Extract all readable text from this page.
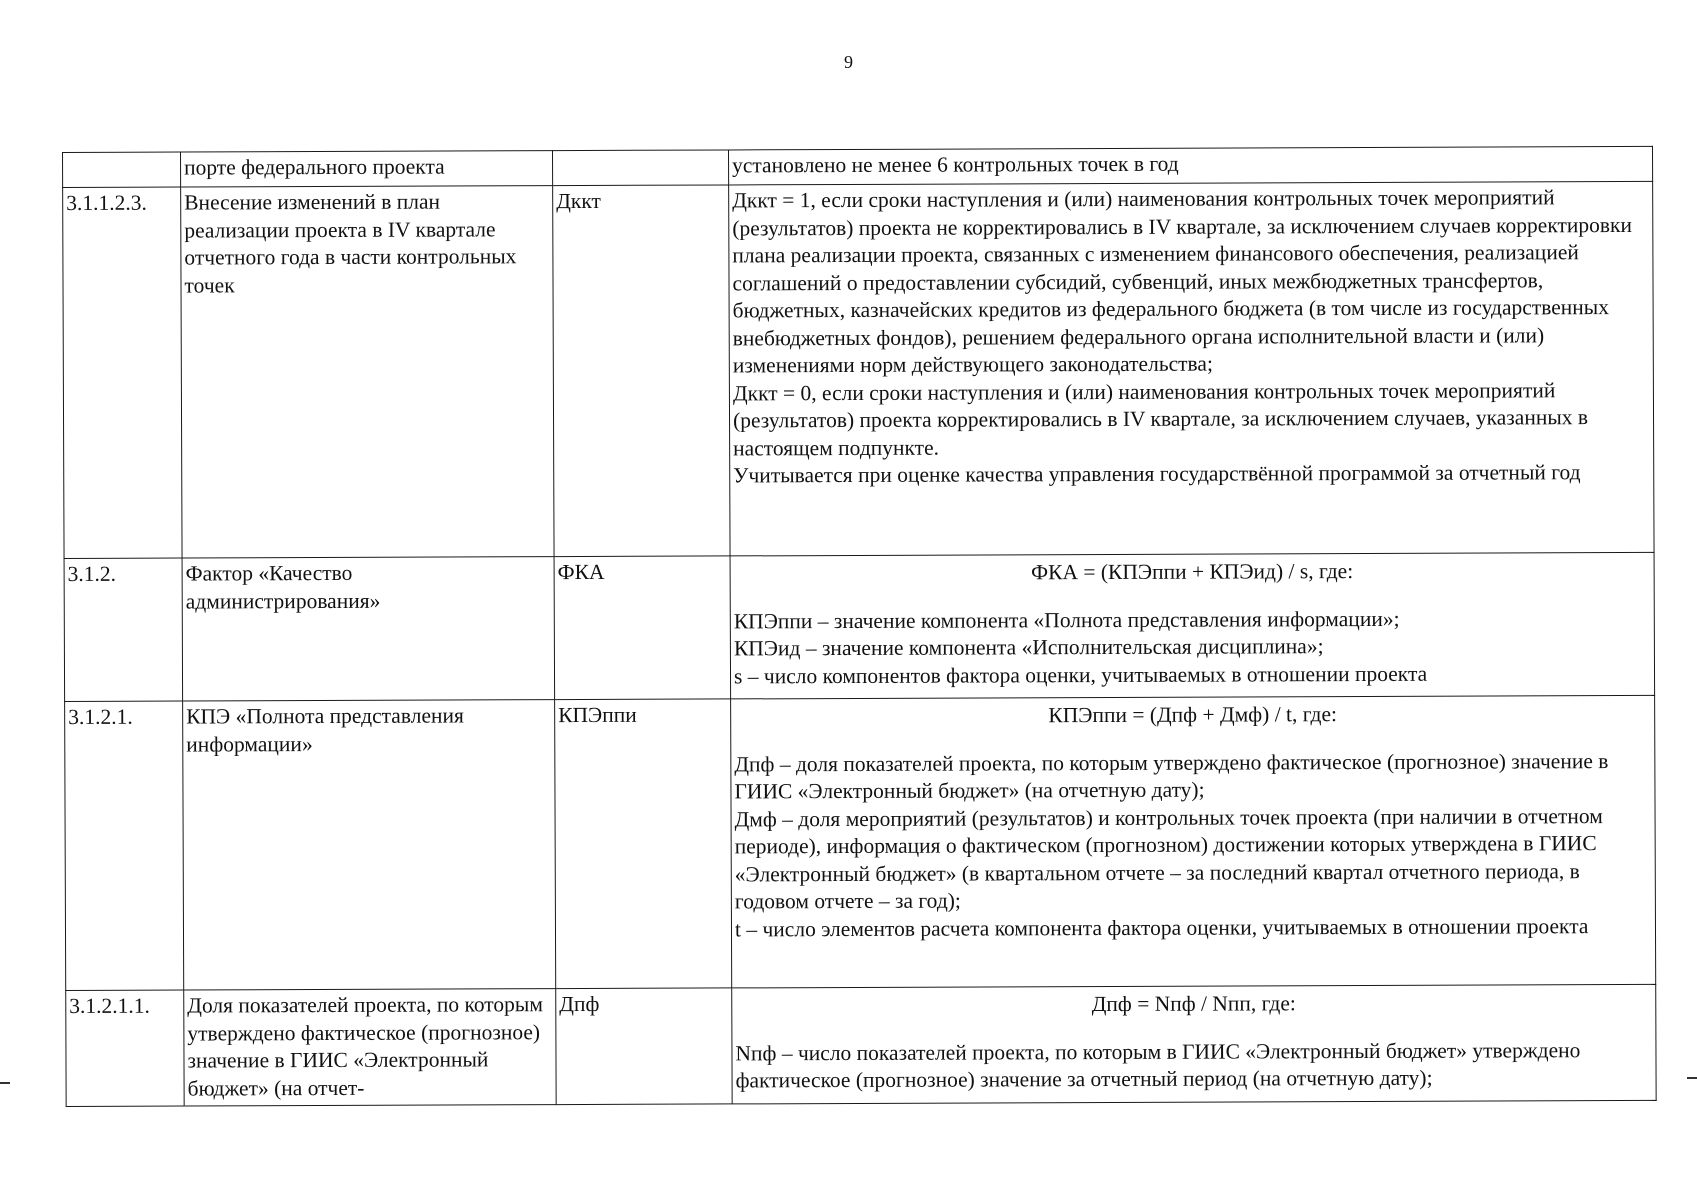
9
	порте федерального проекта		установлено не менее 6 контрольных точек в год
3.1.1.2.3.	Внесение изменений в план реализации проекта в IV квартале отчетного года в части контрольных точек	Дккт	Дккт = 1, если сроки наступления и (или) наименования контрольных точек мероприятий (результатов) проекта не корректировались в IV квартале, за исключением случаев корректировки плана реализации проекта, связанных с изменением финансового обеспечения, реализацией соглашений о предоставлении субсидий, субвенций, иных межбюджетных трансфертов, бюджетных, казначейских кредитов из федерального бюджета (в том числе из государственных внебюджетных фондов), решением федерального органа исполнительной власти и (или) изменениями норм действующего законодательства;
Дккт = 0, если сроки наступления и (или) наименования контрольных точек мероприятий (результатов) проекта корректировались в IV квартале, за исключением случаев, указанных в настоящем подпункте.
Учитывается при оценке качества управления государствённой программой за отчетный год

3.1.2.	Фактор «Качество администрирования»	ФКА	ФКА = (КПЭппи + КПЭид) / s, где:
КПЭппи – значение компонента «Полнота представления информации»;
КПЭид – значение компонента «Исполнительская дисциплина»;
s – число компонентов фактора оценки, учитываемых в отношении проекта

3.1.2.1.	КПЭ «Полнота представления информации»	КПЭппи	КПЭппи = (Дпф + Дмф) / t, где:
Дпф – доля показателей проекта, по которым утверждено фактическое (прогнозное) значение в ГИИС «Электронный бюджет» (на отчетную дату);
Дмф – доля мероприятий (результатов) и контрольных точек проекта (при наличии в отчетном периоде), информация о фактическом (прогнозном) достижении которых утверждена в ГИИС «Электронный бюджет» (в квартальном отчете – за последний квартал отчетного периода, в годовом отчете – за год);
t – число элементов расчета компонента фактора оценки, учитываемых в отношении проекта

3.1.2.1.1.	Доля показателей проекта, по которым утверждено фактическое (прогнозное) значение в ГИИС «Электронный бюджет» (на отчет-	Дпф	Дпф = Nпф / Nпп, где:
Nпф – число показателей проекта, по которым в ГИИС «Электронный бюджет» утверждено фактическое (прогнозное) значение за отчетный период (на отчетную дату);
